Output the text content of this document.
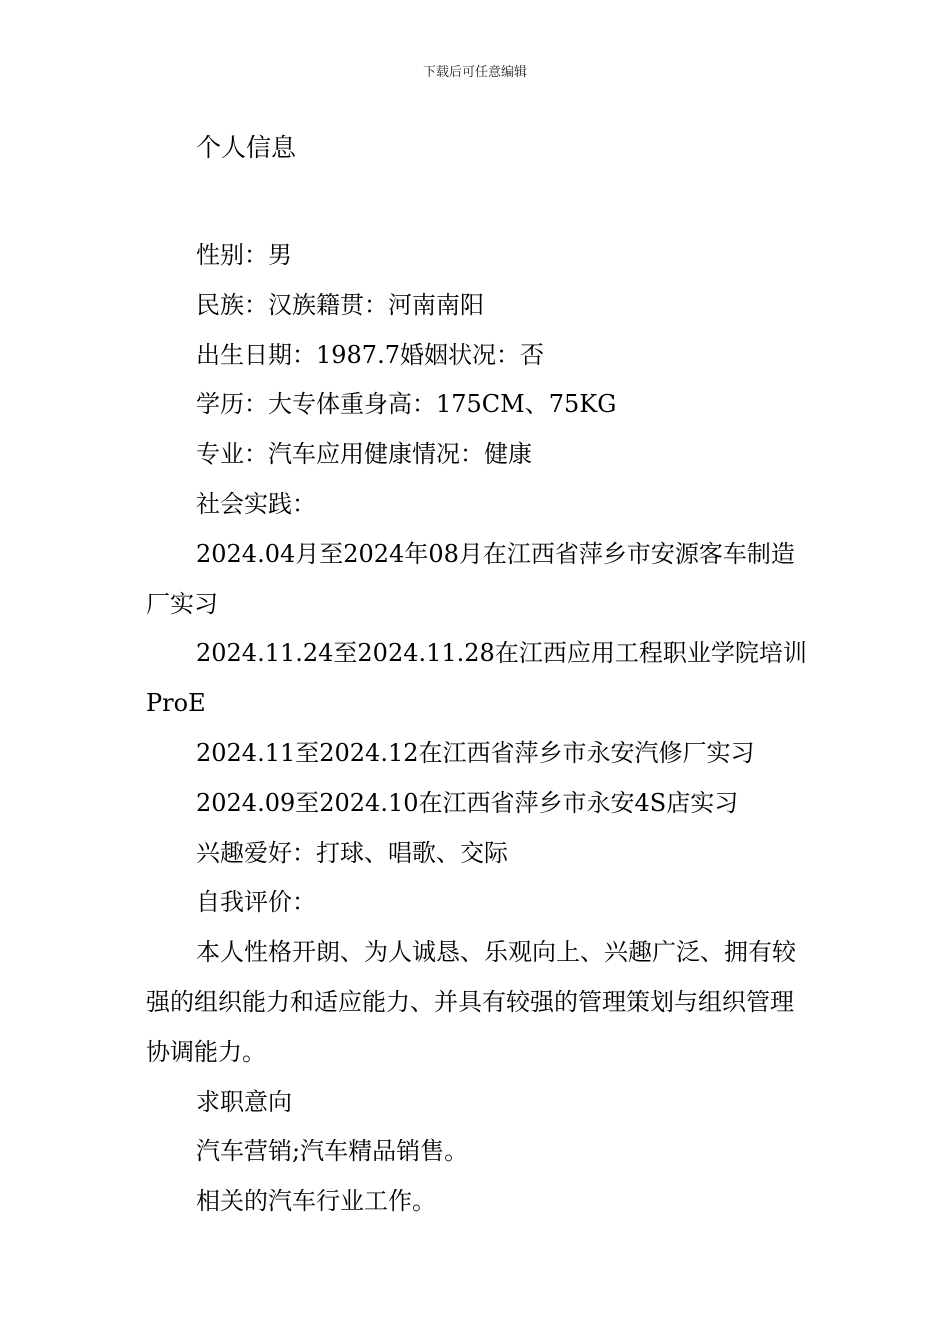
下载后可任意编辑
个人信息

性别：男

民族：汉族籍贯：河南南阳

出生日期：1987.7婚姻状况：否

学历：大专体重身高：175CM、75KG

专业：汽车应用健康情况：健康

社会实践：

2024.04月至2024年08月在江西省萍乡市安源客车制造厂实习

2024.11.24至2024.11.28在江西应用工程职业学院培训ProE

2024.11至2024.12在江西省萍乡市永安汽修厂实习

2024.09至2024.10在江西省萍乡市永安4S店实习

兴趣爱好：打球、唱歌、交际

自我评价：

本人性格开朗、为人诚恳、乐观向上、兴趣广泛、拥有较强的组织能力和适应能力、并具有较强的管理策划与组织管理协调能力。

求职意向

汽车营销;汽车精品销售。

相关的汽车行业工作。
